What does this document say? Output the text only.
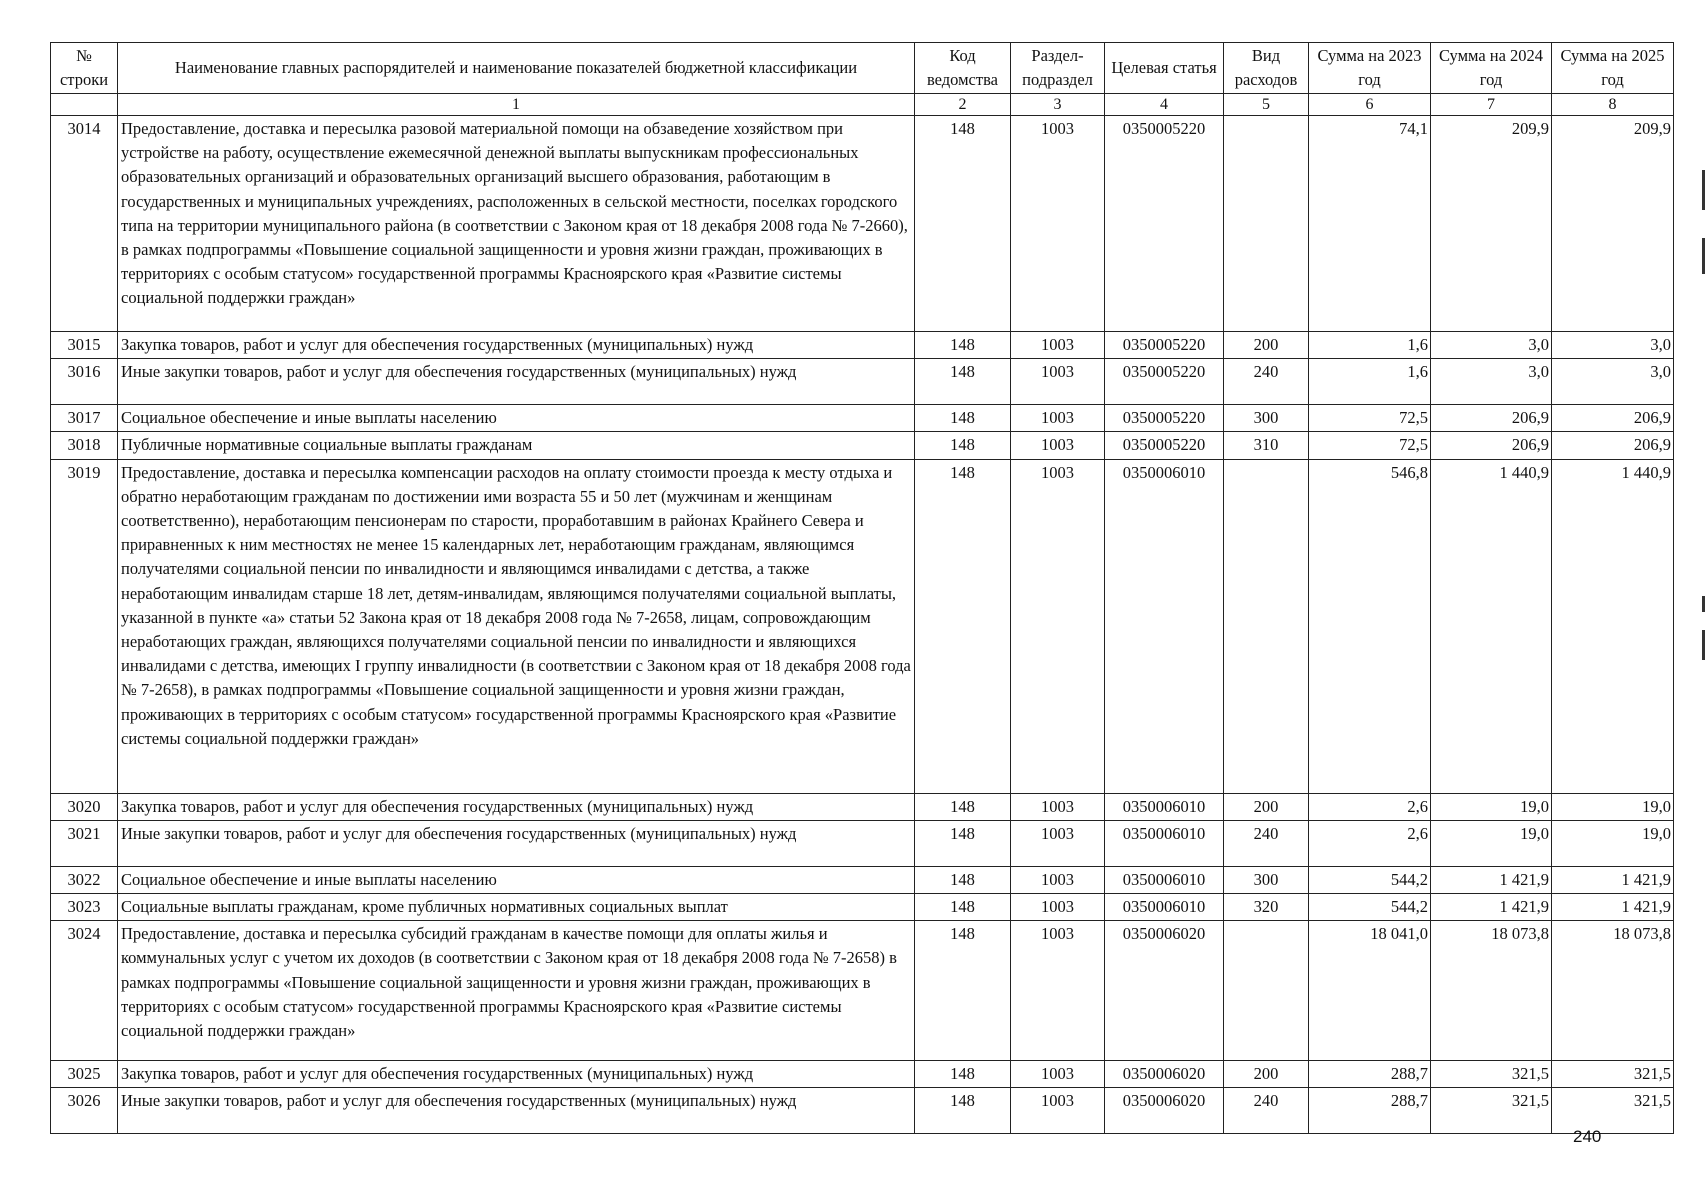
№ строки	Наименование главных распорядителей и наименование показателей бюджетной классификации	Код ведомства	Раздел-подраздел	Целевая статья	Вид расходов	Сумма на 2023 год	Сумма на 2024 год	Сумма на 2025 год
	1	2	3	4	5	6	7	8
3014	Предоставление, доставка и пересылка разовой материальной помощи на обзаведение хозяйством при устройстве на работу, осуществление ежемесячной денежной выплаты выпускникам профессиональных образовательных организаций и образовательных организаций высшего образования, работающим в государственных и муниципальных учреждениях, расположенных в сельской местности, поселках городского типа на территории муниципального района (в соответствии с Законом края от 18 декабря 2008 года № 7-2660), в рамках подпрограммы «Повышение социальной защищенности и уровня жизни граждан, проживающих в территориях с особым статусом» государственной программы Красноярского края «Развитие системы социальной поддержки граждан»	148	1003	0350005220		74,1	209,9	209,9
3015	Закупка товаров, работ и услуг для обеспечения государственных (муниципальных) нужд	148	1003	0350005220	200	1,6	3,0	3,0
3016	Иные закупки товаров, работ и услуг для обеспечения государственных (муниципальных) нужд	148	1003	0350005220	240	1,6	3,0	3,0
3017	Социальное обеспечение и иные выплаты населению	148	1003	0350005220	300	72,5	206,9	206,9
3018	Публичные нормативные социальные выплаты гражданам	148	1003	0350005220	310	72,5	206,9	206,9
3019	Предоставление, доставка и пересылка компенсации расходов на оплату стоимости проезда к месту отдыха и обратно неработающим гражданам по достижении ими возраста 55 и 50 лет (мужчинам и женщинам соответственно), неработающим пенсионерам по старости, проработавшим в районах Крайнего Севера и приравненных к ним местностях не менее 15 календарных лет, неработающим гражданам, являющимся получателями социальной пенсии по инвалидности и являющимся инвалидами с детства, а также неработающим инвалидам старше 18 лет, детям-инвалидам, являющимся получателями социальной выплаты, указанной в пункте «а» статьи 52 Закона края от 18 декабря 2008 года № 7-2658, лицам, сопровождающим неработающих граждан, являющихся получателями социальной пенсии по инвалидности и являющихся инвалидами с детства, имеющих I группу инвалидности (в соответствии с Законом края от 18 декабря 2008 года № 7-2658), в рамках подпрограммы «Повышение социальной защищенности и уровня жизни граждан, проживающих в территориях с особым статусом» государственной программы Красноярского края «Развитие системы социальной поддержки граждан»	148	1003	0350006010		546,8	1 440,9	1 440,9
3020	Закупка товаров, работ и услуг для обеспечения государственных (муниципальных) нужд	148	1003	0350006010	200	2,6	19,0	19,0
3021	Иные закупки товаров, работ и услуг для обеспечения государственных (муниципальных) нужд	148	1003	0350006010	240	2,6	19,0	19,0
3022	Социальное обеспечение и иные выплаты населению	148	1003	0350006010	300	544,2	1 421,9	1 421,9
3023	Социальные выплаты гражданам, кроме публичных нормативных социальных выплат	148	1003	0350006010	320	544,2	1 421,9	1 421,9
3024	Предоставление, доставка и пересылка субсидий гражданам в качестве помощи для оплаты жилья и коммунальных услуг с учетом их доходов (в соответствии с Законом края от 18 декабря 2008 года № 7-2658) в рамках подпрограммы «Повышение социальной защищенности и уровня жизни граждан, проживающих в территориях с особым статусом» государственной программы Красноярского края «Развитие системы социальной поддержки граждан»	148	1003	0350006020		18 041,0	18 073,8	18 073,8
3025	Закупка товаров, работ и услуг для обеспечения государственных (муниципальных) нужд	148	1003	0350006020	200	288,7	321,5	321,5
3026	Иные закупки товаров, работ и услуг для обеспечения государственных (муниципальных) нужд	148	1003	0350006020	240	288,7	321,5	321,5
240
